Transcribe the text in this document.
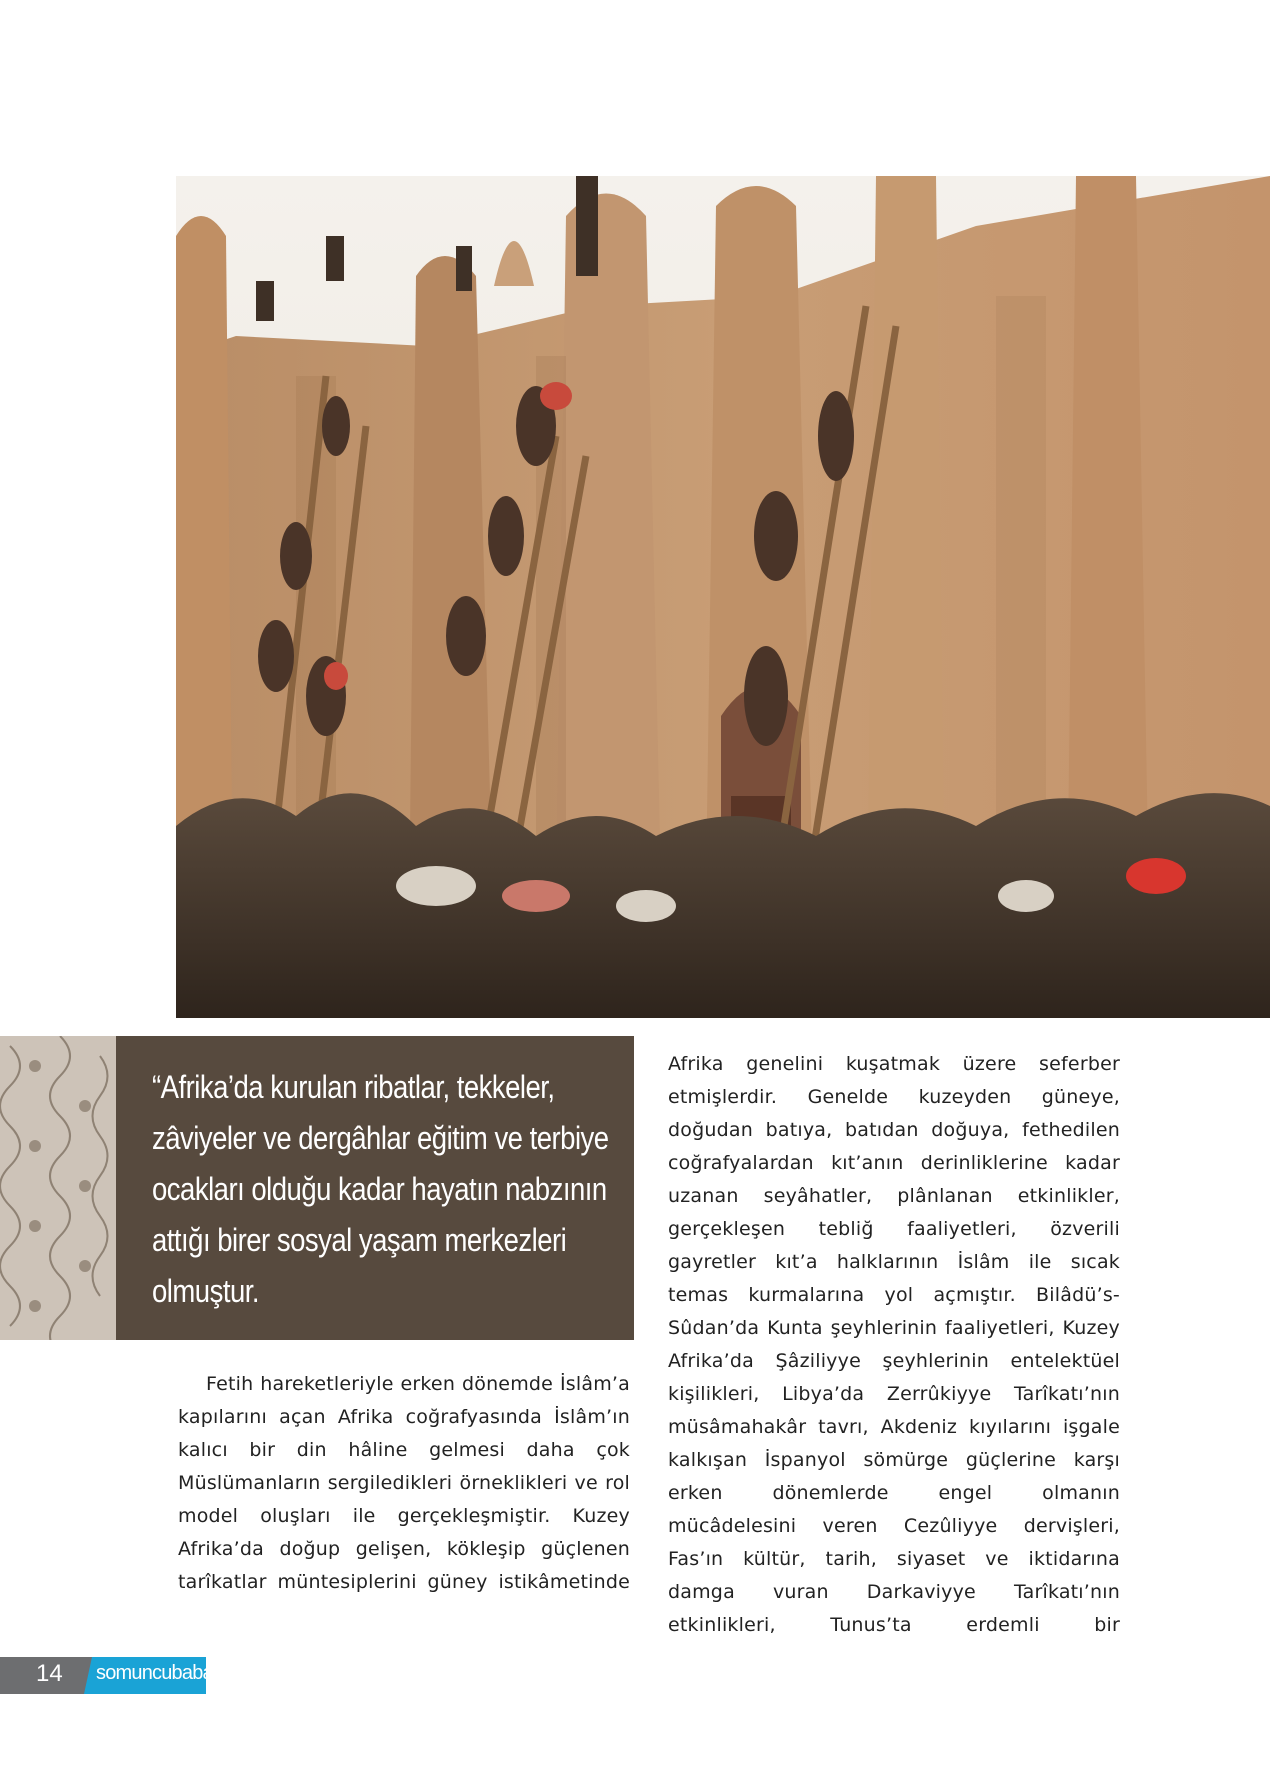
“Afrika’da kurulan ribatlar, tekkeler, zâviyeler ve dergâhlar eğitim ve terbiye ocakları olduğu kadar hayatın nabzının attığı birer sosyal yaşam merkezleri olmuştur.

Fetih hareketleriyle erken dönemde İslâm’a kapılarını açan Afrika coğrafyasında İslâm’ın kalıcı bir din hâline gelmesi daha çok Müslümanların sergiledikleri örneklikleri ve rol model oluşları ile gerçekleşmiştir. Kuzey Afrika’da doğup gelişen, kökleşip güçlenen tarîkatlar müntesiplerini güney istikâmetinde

Afrika genelini kuşatmak üzere seferber etmişlerdir. Genelde kuzeyden güneye, doğudan batıya, batıdan doğuya, fethedilen coğrafyalardan kıt’anın derinliklerine kadar uzanan seyâhatler, plânlanan etkinlikler, gerçekleşen tebliğ faaliyetleri, özverili gayretler kıt’a halklarının İslâm ile sıcak temas kurmalarına yol açmıştır. Bilâdü’s-Sûdan’da Kunta şeyhlerinin faaliyetleri, Kuzey Afrika’da Şâziliyye şeyhlerinin entelektüel kişilikleri, Libya’da Zerrûkiyye Tarîkatı’nın müsâmahakâr tavrı, Akdeniz kıyılarını işgale kalkışan İspanyol sömürge güçlerine karşı erken dönemlerde engel olmanın mücâdelesini veren Cezûliyye dervişleri, Fas’ın kültür, tarih, siyaset ve iktidarına damga vuran Darkaviyye Tarîkatı’nın etkinlikleri, Tunus’ta erdemli bir

14 somuncubaba
